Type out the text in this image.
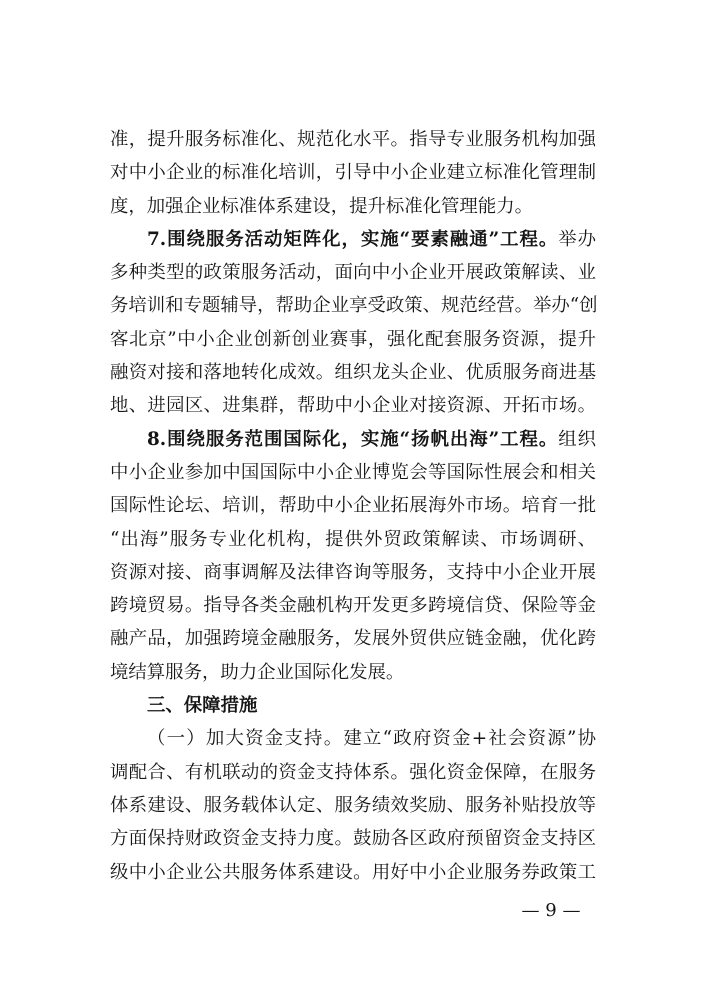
准，提升服务标准化、规范化水平。指导专业服务机构加强
对中小企业的标准化培训，引导中小企业建立标准化管理制
度，加强企业标准体系建设，提升标准化管理能力。
7.围绕服务活动矩阵化，实施“要素融通”工程。举办
多种类型的政策服务活动，面向中小企业开展政策解读、业
务培训和专题辅导，帮助企业享受政策、规范经营。举办“创
客北京”中小企业创新创业赛事，强化配套服务资源，提升
融资对接和落地转化成效。组织龙头企业、优质服务商进基
地、进园区、进集群，帮助中小企业对接资源、开拓市场。
8.围绕服务范围国际化，实施“扬帆出海”工程。组织
中小企业参加中国国际中小企业博览会等国际性展会和相关
国际性论坛、培训，帮助中小企业拓展海外市场。培育一批
“出海”服务专业化机构，提供外贸政策解读、市场调研、
资源对接、商事调解及法律咨询等服务，支持中小企业开展
跨境贸易。指导各类金融机构开发更多跨境信贷、保险等金
融产品，加强跨境金融服务，发展外贸供应链金融，优化跨
境结算服务，助力企业国际化发展。
三、保障措施
（一）加大资金支持。建立“政府资金+社会资源”协
调配合、有机联动的资金支持体系。强化资金保障，在服务
体系建设、服务载体认定、服务绩效奖励、服务补贴投放等
方面保持财政资金支持力度。鼓励各区政府预留资金支持区
级中小企业公共服务体系建设。用好中小企业服务券政策工
— 9 —
